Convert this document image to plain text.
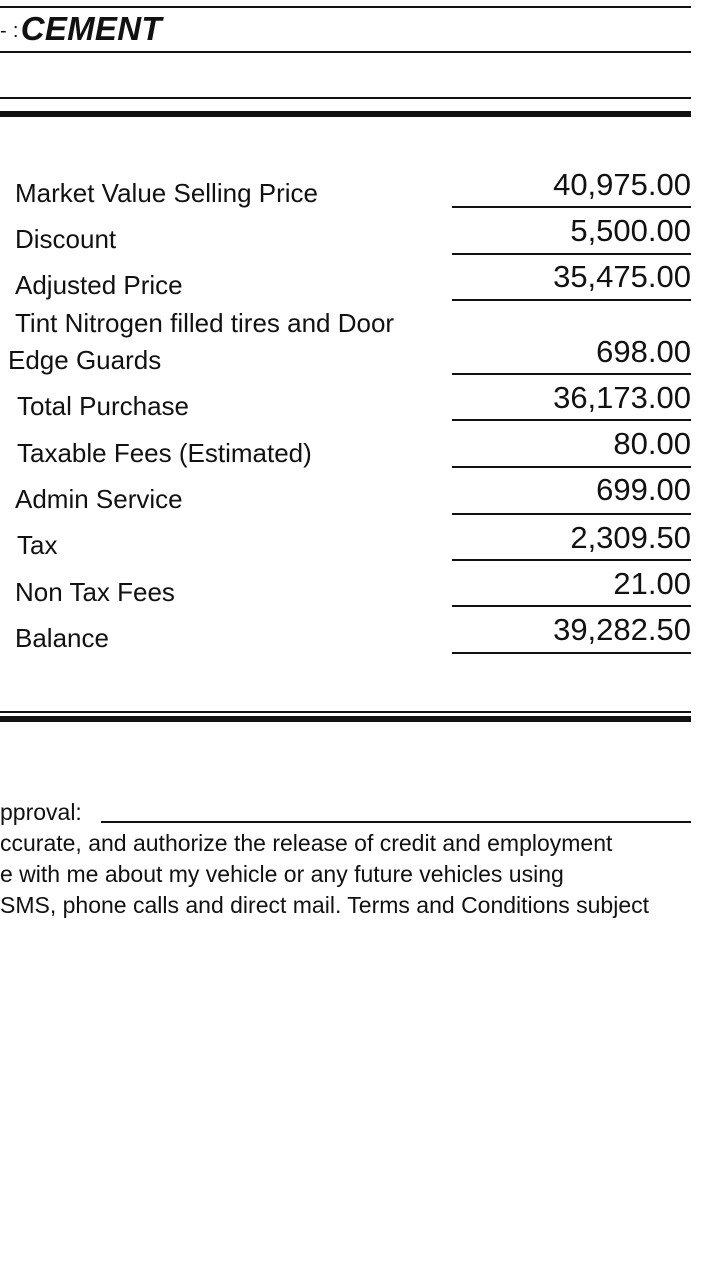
- :CEMENT
Market Value Selling Price	40,975.00
Discount	5,500.00
Adjusted Price	35,475.00
Tint Nitrogen filled tires and Door
Edge Guards	698.00
Total Purchase	36,173.00
Taxable Fees (Estimated)	80.00
Admin Service	699.00
Tax	2,309.50
Non Tax Fees	21.00
Balance	39,282.50
pproval:
ccurate, and authorize the release of credit and employment
e with me about my vehicle or any future vehicles using
SMS, phone calls and direct mail. Terms and Conditions subject
